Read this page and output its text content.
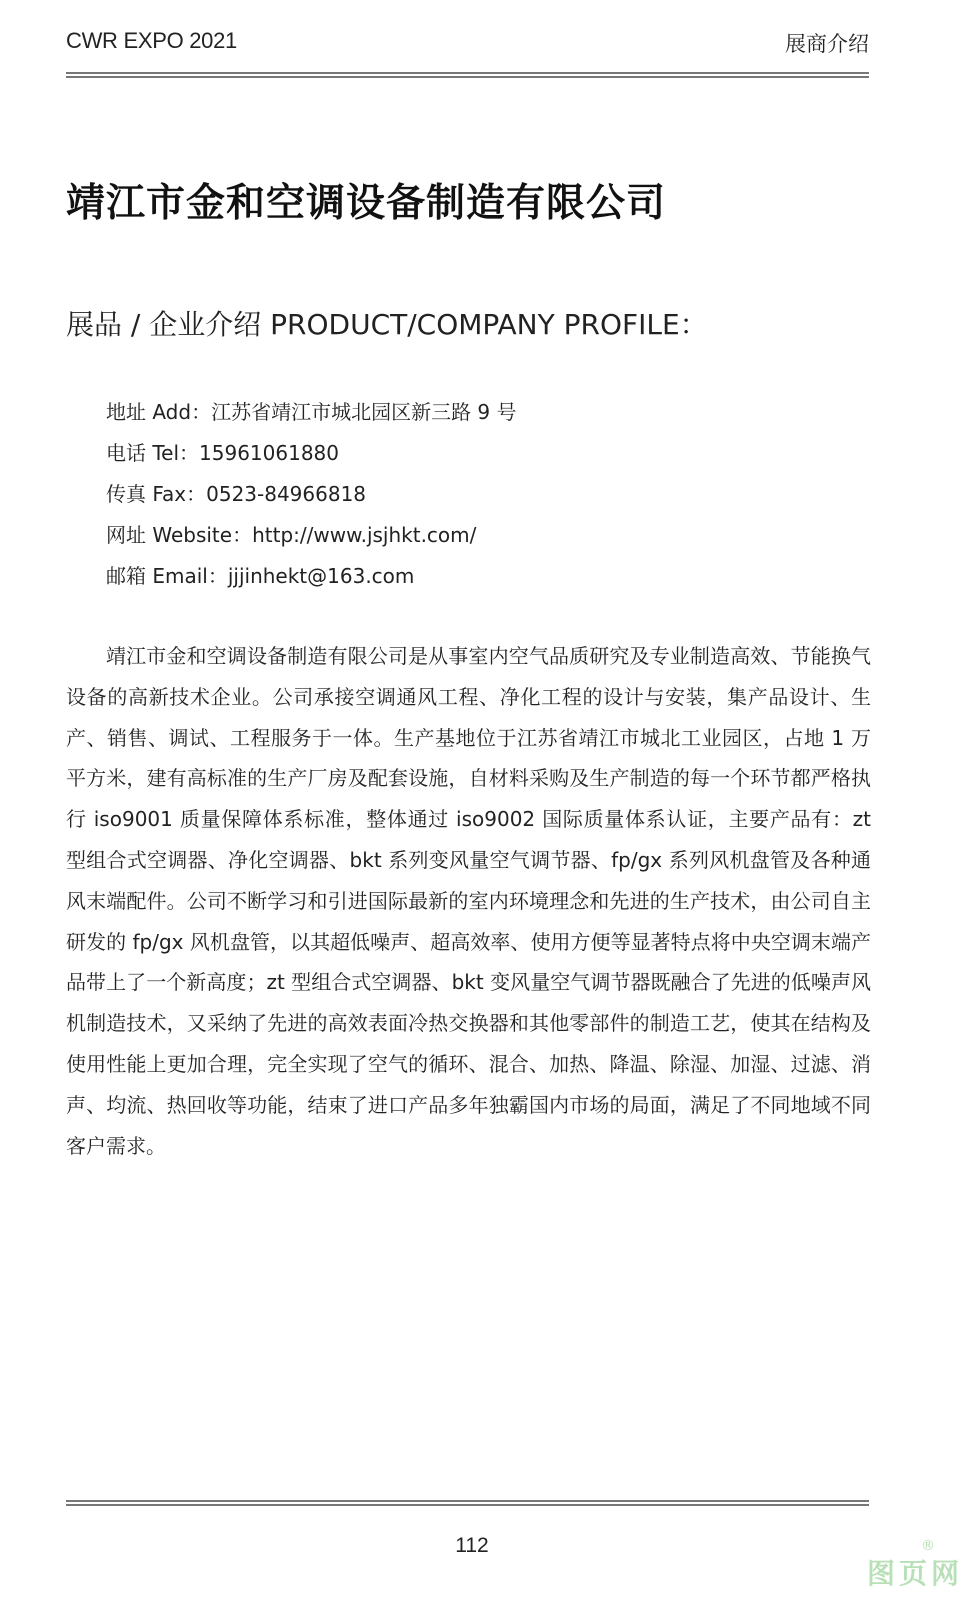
CWR EXPO 2021	展商介绍
靖江市金和空调设备制造有限公司
展品 / 企业介绍 PRODUCT/COMPANY PROFILE：
地址 Add：江苏省靖江市城北园区新三路 9 号
电话 Tel：15961061880
传真 Fax：0523-84966818
网址 Website：http://www.jsjhkt.com/
邮箱 Email：jjjinhekt@163.com

靖江市金和空调设备制造有限公司是从事室内空气品质研究及专业制造高效、节能换气设备的高新技术企业。公司承接空调通风工程、净化工程的设计与安装，集产品设计、生产、销售、调试、工程服务于一体。生产基地位于江苏省靖江市城北工业园区，占地 1 万平方米，建有高标准的生产厂房及配套设施，自材料采购及生产制造的每一个环节都严格执行 iso9001 质量保障体系标准，整体通过 iso9002 国际质量体系认证，主要产品有：zt 型组合式空调器、净化空调器、bkt 系列变风量空气调节器、fp/gx 系列风机盘管及各种通风末端配件。公司不断学习和引进国际最新的室内环境理念和先进的生产技术，由公司自主研发的 fp/gx 风机盘管，以其超低噪声、超高效率、使用方便等显著特点将中央空调末端产品带上了一个新高度；zt 型组合式空调器、bkt 变风量空气调节器既融合了先进的低噪声风机制造技术，又采纳了先进的高效表面冷热交换器和其他零部件的制造工艺，使其在结构及使用性能上更加合理，完全实现了空气的循环、混合、加热、降温、除湿、加湿、过滤、消声、均流、热回收等功能，结束了进口产品多年独霸国内市场的局面，满足了不同地域不同客户需求。

112
图页网
®
